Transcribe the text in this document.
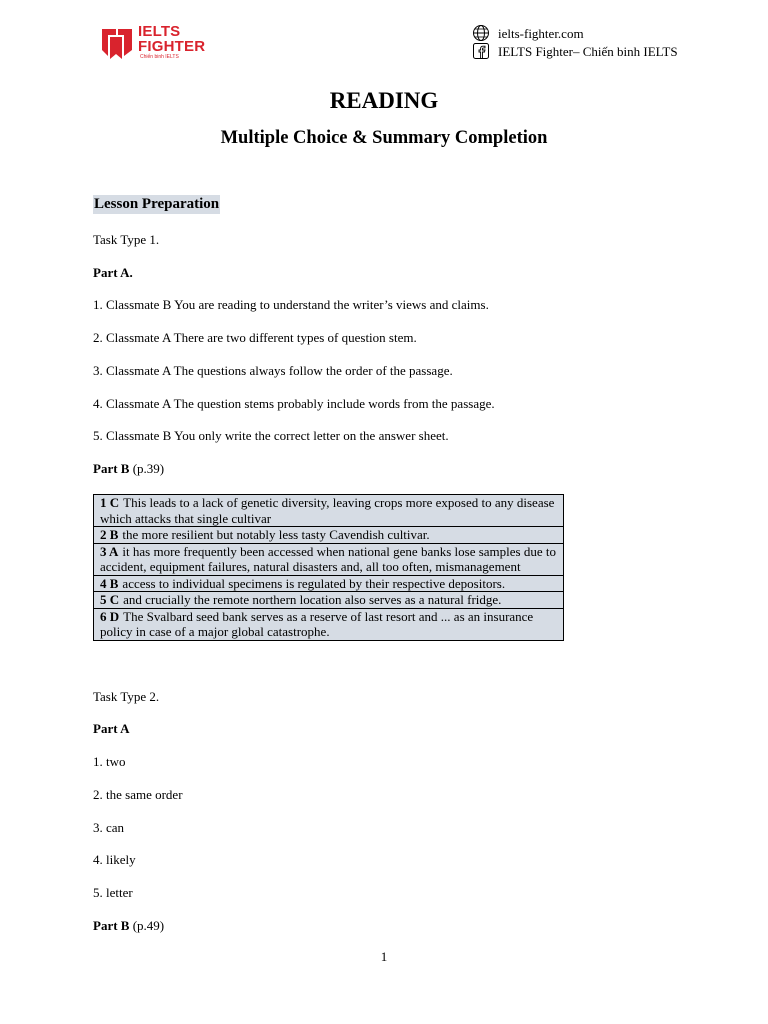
IELTS
FIGHTER
Chiến binh IELTS
ielts-fighter.com
IELTS Fighter– Chiến binh IELTS
READING
Multiple Choice & Summary Completion
Lesson Preparation
Task Type 1.
Part A.
1. Classmate B You are reading to understand the writer’s views and claims.
2. Classmate A There are two different types of question stem.
3. Classmate A The questions always follow the order of the passage.
4. Classmate A The question stems probably include words from the passage.
5. Classmate B You only write the correct letter on the answer sheet.
Part B (p.39)
1 C This leads to a lack of genetic diversity, leaving crops more exposed to any disease which attacks that single cultivar
2 B the more resilient but notably less tasty Cavendish cultivar.
3 A it has more frequently been accessed when national gene banks lose samples due to accident, equipment failures, natural disasters and, all too often, mismanagement
4 B access to individual specimens is regulated by their respective depositors.
5 C and crucially the remote northern location also serves as a natural fridge.
6 D The Svalbard seed bank serves as a reserve of last resort and ... as an insurance policy in case of a major global catastrophe.
Task Type 2.
Part A
1. two
2. the same order
3. can
4. likely
5. letter
Part B (p.49)
1
